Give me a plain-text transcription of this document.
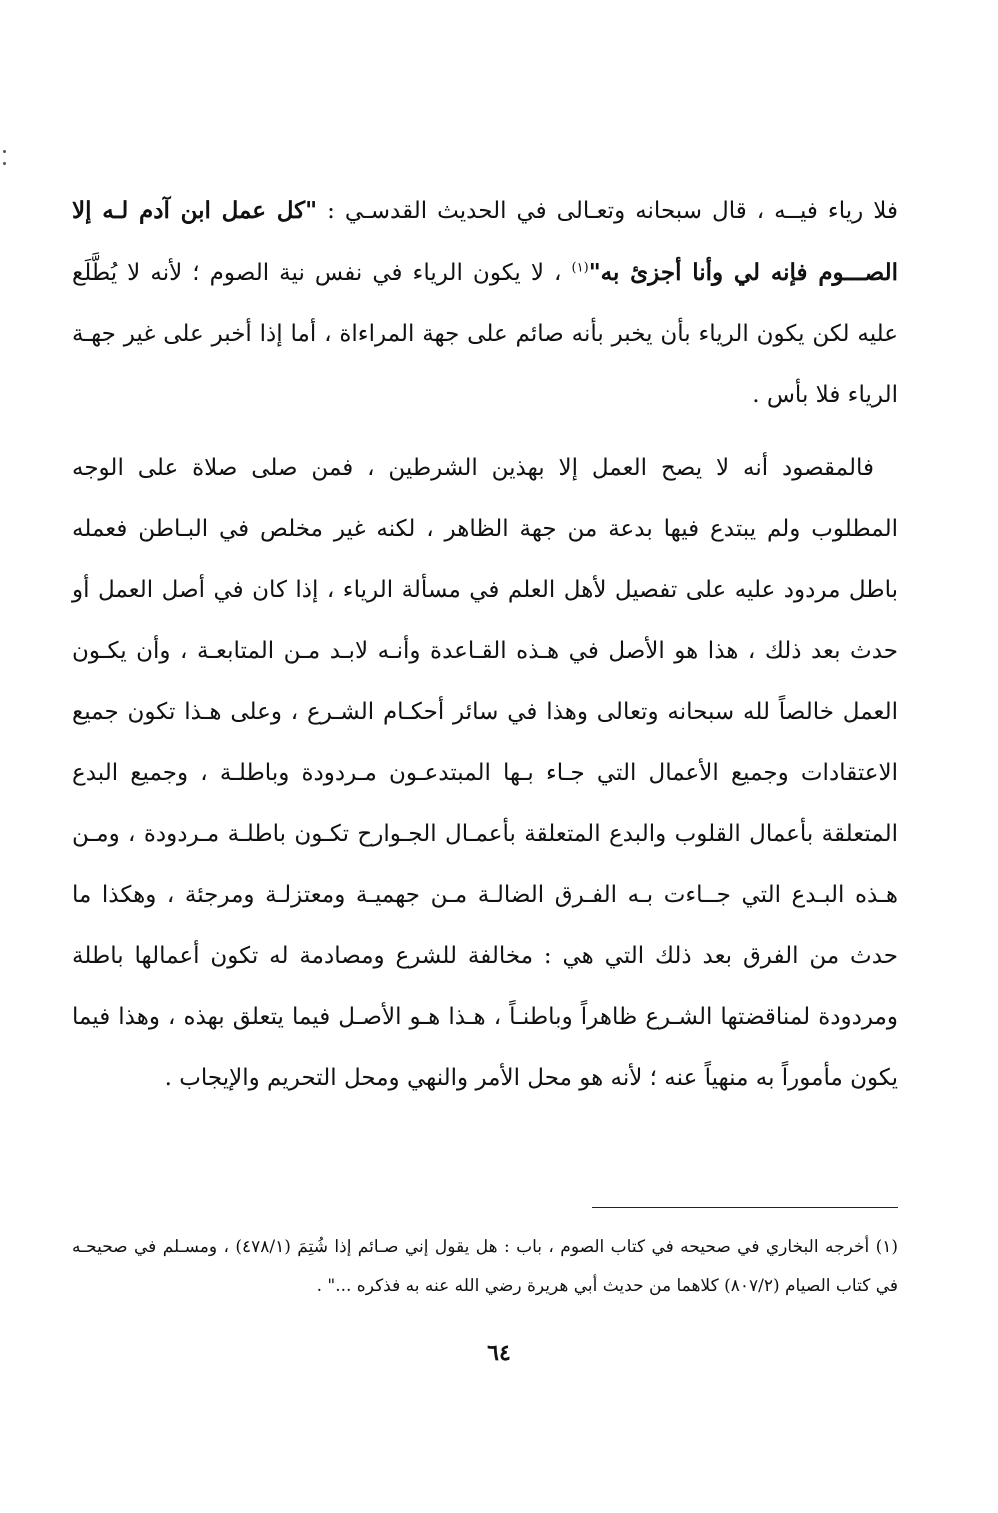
فلا رياء فيــه ، قال سبحانه وتعـالى في الحديث القدسـي : "كل عمل ابن آدم لـه إلا الصـــوم فإنه لي وأنا أجزئ به"$^{(١)}$ ، لا يكون الرياء في نفس نية الصوم ؛ لأنه لا يُطَّلَع عليه لكن يكون الرياء بأن يخبر بأنه صائم على جهة المراءاة ، أما إذا أخبر على غير جهـة الرياء فلا بأس .

فالمقصود أنه لا يصح العمل إلا بهذين الشرطين ، فمن صلى صلاة على الوجه المطلوب ولم يبتدع فيها بدعة من جهة الظاهر ، لكنه غير مخلص في البـاطن فعمله باطل مردود عليه على تفصيل لأهل العلم في مسألة الرياء ، إذا كان في أصل العمل أو حدث بعد ذلك ، هذا هو الأصل في هـذه القـاعدة وأنـه لابـد مـن المتابعـة ، وأن يكـون العمل خالصاً لله سبحانه وتعالى وهذا في سائر أحكـام الشـرع ، وعلى هـذا تكون جميع الاعتقادات وجميع الأعمال التي جـاء بـها المبتدعـون مـردودة وباطلـة ، وجميع البدع المتعلقة بأعمال القلوب والبدع المتعلقة بأعمـال الجـوارح تكـون باطلـة مـردودة ، ومـن هـذه البـدع التي جــاءت بـه الفـرق الضالـة مـن جهميـة ومعتزلـة ومرجئة ، وهكذا ما حدث من الفرق بعد ذلك التي هي : مخالفة للشرع ومصادمة له تكون أعمالها باطلة ومردودة لمناقضتها الشـرع ظاهراً وباطنـاً ، هـذا هـو الأصـل فيما يتعلق بهذه ، وهذا فيما يكون مأموراً به منهياً عنه ؛ لأنه هو محل الأمر والنهي ومحل التحريم والإيجاب .

(١) أخرجه البخاري في صحيحه في كتاب الصوم ، باب : هل يقول إني صـائم إذا شُتِمَ (٤٧٨/١) ، ومسـلم في صحيحـه في كتاب الصيام (٨٠٧/٢) كلاهما من حديث أبي هريرة رضي الله عنه به فذكره ..." .

٦٤
